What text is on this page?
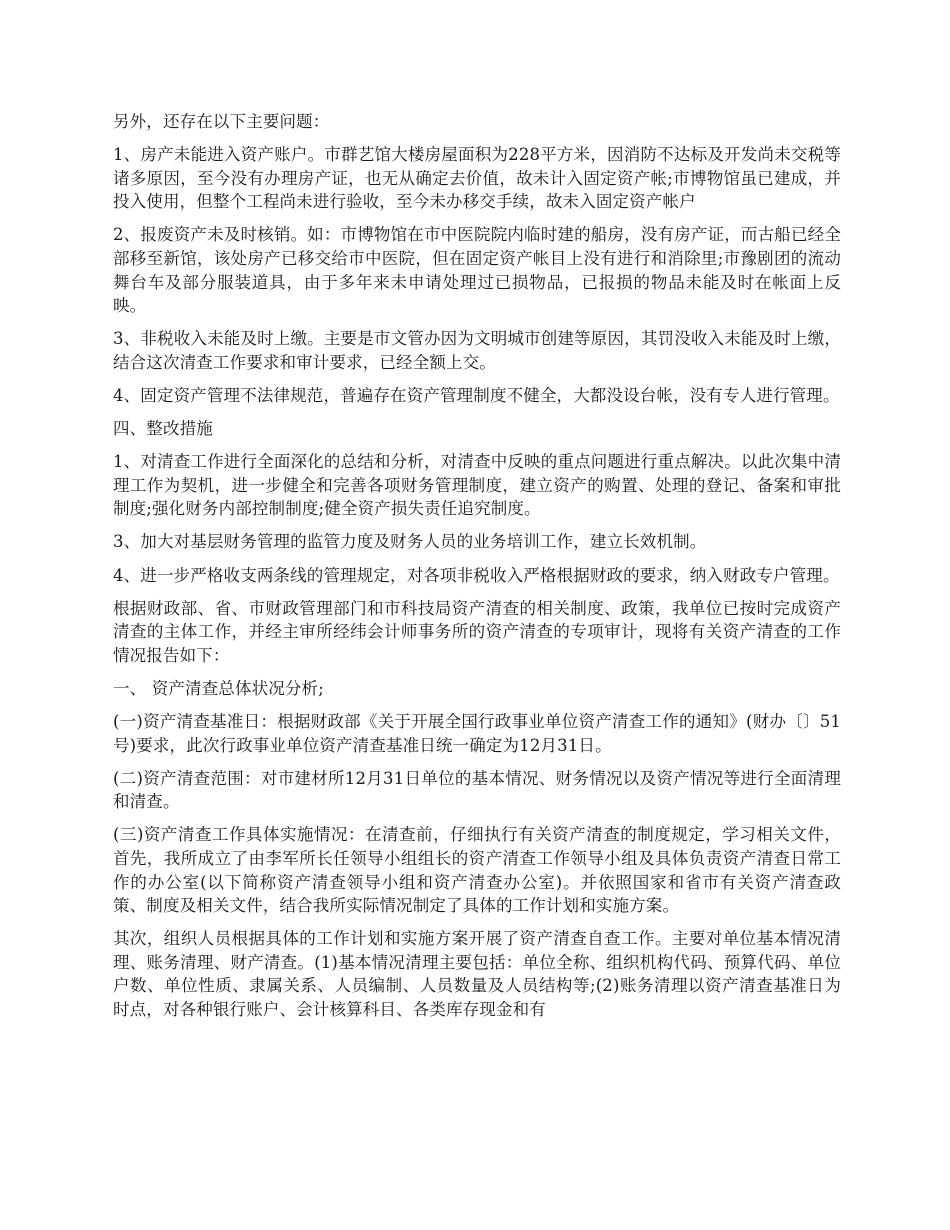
另外，还存在以下主要问题：

1、房产未能进入资产账户。市群艺馆大楼房屋面积为228平方米，因消防不达标及开发尚未交税等诸多原因，至今没有办理房产证，也无从确定去价值，故未计入固定资产帐;市博物馆虽已建成，并投入使用，但整个工程尚未进行验收，至今未办移交手续，故未入固定资产帐户

2、报废资产未及时核销。如：市博物馆在市中医院院内临时建的船房，没有房产证，而古船已经全部移至新馆，该处房产已移交给市中医院，但在固定资产帐目上没有进行和消除里;市豫剧团的流动舞台车及部分服装道具，由于多年来未申请处理过已损物品，已报损的物品未能及时在帐面上反映。

3、非税收入未能及时上缴。主要是市文管办因为文明城市创建等原因，其罚没收入未能及时上缴，结合这次清查工作要求和审计要求，已经全额上交。

4、固定资产管理不法律规范，普遍存在资产管理制度不健全，大都没设台帐，没有专人进行管理。

四、整改措施

1、对清查工作进行全面深化的总结和分析，对清查中反映的重点问题进行重点解决。以此次集中清理工作为契机，进一步健全和完善各项财务管理制度，建立资产的购置、处理的登记、备案和审批制度;强化财务内部控制制度;健全资产损失责任追究制度。

3、加大对基层财务管理的监管力度及财务人员的业务培训工作，建立长效机制。

4、进一步严格收支两条线的管理规定，对各项非税收入严格根据财政的要求，纳入财政专户管理。

根据财政部、省、市财政管理部门和市科技局资产清查的相关制度、政策，我单位已按时完成资产清查的主体工作，并经主审所经纬会计师事务所的资产清查的专项审计，现将有关资产清查的工作情况报告如下：

一、 资产清查总体状况分析;

(一)资产清查基准日：根据财政部《关于开展全国行政事业单位资产清查工作的通知》(财办〔〕51号)要求，此次行政事业单位资产清查基准日统一确定为12月31日。

(二)资产清查范围：对市建材所12月31日单位的基本情况、财务情况以及资产情况等进行全面清理和清查。

(三)资产清查工作具体实施情况：在清查前，仔细执行有关资产清查的制度规定，学习相关文件，首先，我所成立了由李军所长任领导小组组长的资产清查工作领导小组及具体负责资产清查日常工作的办公室(以下简称资产清查领导小组和资产清查办公室)。并依照国家和省市有关资产清查政策、制度及相关文件，结合我所实际情况制定了具体的工作计划和实施方案。

其次，组织人员根据具体的工作计划和实施方案开展了资产清查自查工作。主要对单位基本情况清理、账务清理、财产清查。(1)基本情况清理主要包括：单位全称、组织机构代码、预算代码、单位户数、单位性质、隶属关系、人员编制、人员数量及人员结构等;(2)账务清理以资产清查基准日为时点，对各种银行账户、会计核算科目、各类库存现金和有
